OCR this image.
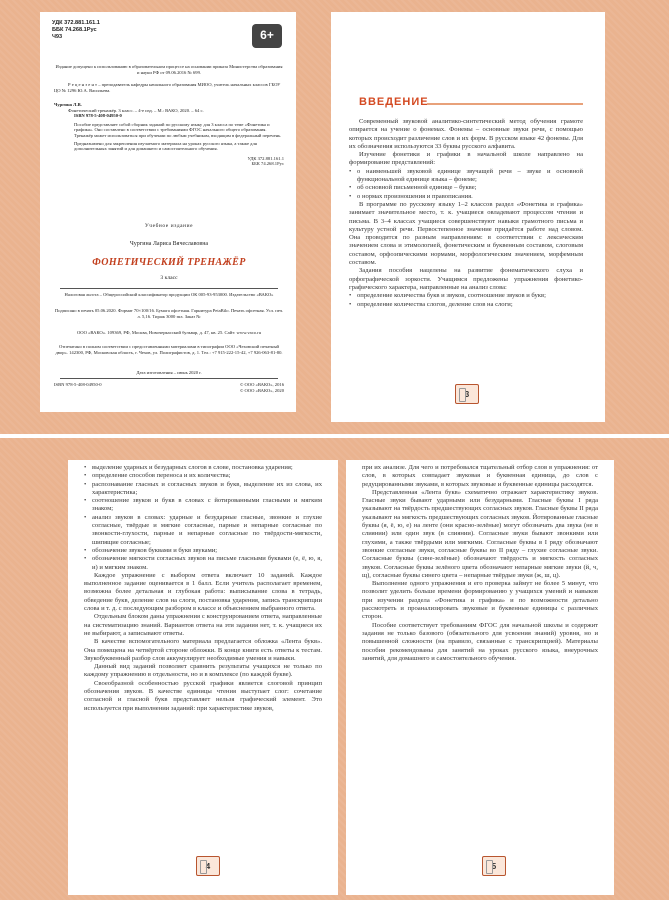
УДК 372.881.161.1
ББК 74.268.1Рус
Ч93	6+
Издание допущено к использованию в образовательном процессе на основании приказа Министерства образования и науки РФ от 09.06.2016 № 699.
Р е ц е н з е н т – преподаватель кафедры начального образования МИОО, учитель начальных классов ГБОУ ЦО № 1296 Ю.А. Васильева.
Чургина Л.В.
Фонетический тренажёр. 3 класс. – 4-е изд. – М.: ВАКО, 2020. – 64 с.
ISBN 978-5-408-04950-0
Пособие представляет собой сборник заданий по русскому языку для 3 класса по теме «Фонетика и графика». Оно составлено в соответствии с требованиями ФГОС начального общего образования. Тренажёр может использоваться при обучении по любым учебникам, входящим в федеральный перечень.
Предназначено для закрепления изучаемого материала на уроках русского языка, а также для дополнительных занятий и для домашнего и самостоятельного обучения.
УДК 372.881.161.1
ББК 74.268.1Рус
Учебное издание
Чургина Лариса Вячеславовна
ФОНЕТИЧЕСКИЙ ТРЕНАЖЁР
3 класс
Налоговая льгота – Общероссийский классификатор продукции ОК 005-93-953000. Издательство «ВАКО»
Подписано в печать 05.06.2020. Формат 70×100/16. Бумага офсетная. Гарнитура PetaBilo. Печать офсетная. Усл. печ. л. 5,16. Тираж 3000 экз. Заказ №
ООО «ВАКО». 109369, РФ, Москва, Новочеркасский бульвар, д. 47, кв. 25. Сайт: www.vaco.ru
Отпечатано в полном соответствии с предоставленными материалами в типографии ООО «Чеховский печатный двор». 142300, РФ, Московская область, г. Чехов, ул. Полиграфистов, д. 1. Тел.: +7 915-222-15-42, +7 926-063-81-80.
Дата изготовления – июнь 2020 г.
ISBN 978-5-408-04950-0	© ООО «ВАКО», 2016
© ООО «ВАКО», 2020
ВВЕДЕНИЕ

Современный звуковой аналитико-синтетический метод обучения грамоте опирается на учение о фонемах. Фонемы – основные звуки речи, с помощью которых происходит различение слов и их форм. В русском языке 42 фонемы. Для их обозначения используются 33 буквы русского алфавита.

Изучение фонетики и графики в начальной школе направлено на формирование представлений:

• о наименьшей звуковой единице звучащей речи – звуке и основной функциональной единице языка – фонеме;
• об основной письменной единице – букве;
• о нормах произношения и правописания.

В программе по русскому языку 1–2 классов раздел «Фонетика и графика» занимает значительное место, т. к. учащиеся овладевают процессом чтения и письма. В 3–4 классах учащиеся совершенствуют навыки грамотного письма и культуру устной речи. Первостепенное значение придаётся работе над словом. Она проводится по разным направлениям: в соответствии с лексическим значением слова и этимологией, фонетическим и буквенным составом, слоговым составом, орфоэпическими нормами, морфологическим значением, морфемным составом.

Задания пособия нацелены на развитие фонематического слуха и орфографической зоркости. Учащимся предложены упражнения фонетико-графического характера, направленные на анализ слова:

• определение количества букв и звуков, соотношение звуков и букв;
• определение количества слогов, деление слов на слоги;
3
• выделение ударных и безударных слогов в слове, постановка ударения;
• определение способов переноса и их количества;
• распознавание гласных и согласных звуков и букв, выделение их из слова, их характеристика;
• соотношение звуков и букв в словах с йотированными гласными и мягким знаком;
• анализ звуков в словах: ударные и безударные гласные, звонкие и глухие согласные, твёрдые и мягкие согласные, парные и непарные согласные по звонкости-глухости, парные и непарные согласные по твёрдости-мягкости, шипящие согласные;
• обозначение звуков буквами и букв звуками;
• обозначение мягкости согласных звуков на письме гласными буквами (е, ё, ю, я, и) и мягким знаком.

Каждое упражнение с выбором ответа включает 10 заданий. Каждое выполненное задание оценивается в 1 балл. Если учитель располагает временем, возможна более детальная и глубокая работа: выписывание слова в тетрадь, обведение букв, деление слов на слоги, постановка ударения, запись транскрипции слова и т. д. с последующим разбором в классе и объяснением выбранного ответа.

Отдельным блоком даны упражнения с конструированием ответа, направленные на систематизацию знаний. Вариантов ответа на эти задания нет, т. к. учащиеся их не выбирают, а записывают ответы.

В качестве вспомогательного материала предлагается обложка «Лента букв». Она помещена на четвёртой стороне обложки. В конце книги есть ответы к тестам. Звукобуквенный разбор слов аккумулирует необходимые умения и навыки.

Данный вид заданий позволяет сравнить результаты учащихся не только по каждому упражнению в отдельности, но и в комплексе (по каждой букве).

Своеобразной особенностью русской графики является слоговой принцип обозначения звуков. В качестве единицы чтения выступает слог: сочетание согласной и гласной букв представляет нельзя графический элемент. Это используется при выполнении заданий: при характеристике звуков,

4

при их анализе. Для чего и потребовался тщательный отбор слов в упражнения: от слов, в которых совпадает звуковая и буквенная единица, до слов с редуцированными звуками, в которых звуковые и буквенные единицы расходятся.

Представленная «Лента букв» схематично отражает характеристику звуков. Гласные звуки бывают ударными или безударными. Гласные буквы I ряда указывают на твёрдость предшествующих согласных звуков. Гласные буквы II ряда указывают на мягкость предшествующих согласных звуков. Йотированные гласные буквы (я, ё, ю, е) на ленте (они красно-зелёные) могут обозначать два звука (не в слиянии) или один звук (в слиянии). Согласные звуки бывают звонкими или глухими, а также твёрдыми или мягкими. Согласные буквы в I ряду обозначают звонкие согласные звуки, согласные буквы во II ряду – глухие согласные звуки. Согласные буквы (сине-зелёные) обозначают твёрдость и мягкость согласных звуков. Согласные буквы зелёного цвета обозначают непарные мягкие звуки (й, ч, щ), согласные буквы синего цвета – непарные твёрдые звуки (ж, ш, ц).

Выполнение одного упражнения и его проверка займут не более 5 минут, что позволит уделить больше времени формированию у учащихся умений и навыков при изучении раздела «Фонетика и графика» и по возможности детально рассмотреть и проанализировать звуковые и буквенные единицы с различных сторон.

Пособие соответствует требованиям ФГОС для начальной школы и содержит задания не только базового (обязательного для усвоения знаний) уровня, но и повышенной сложности (на правило, связанные с транскрипцией). Материалы пособия рекомендованы для занятий на уроках русского языка, внеурочных занятий, для домашнего и самостоятельного обучения.

5
